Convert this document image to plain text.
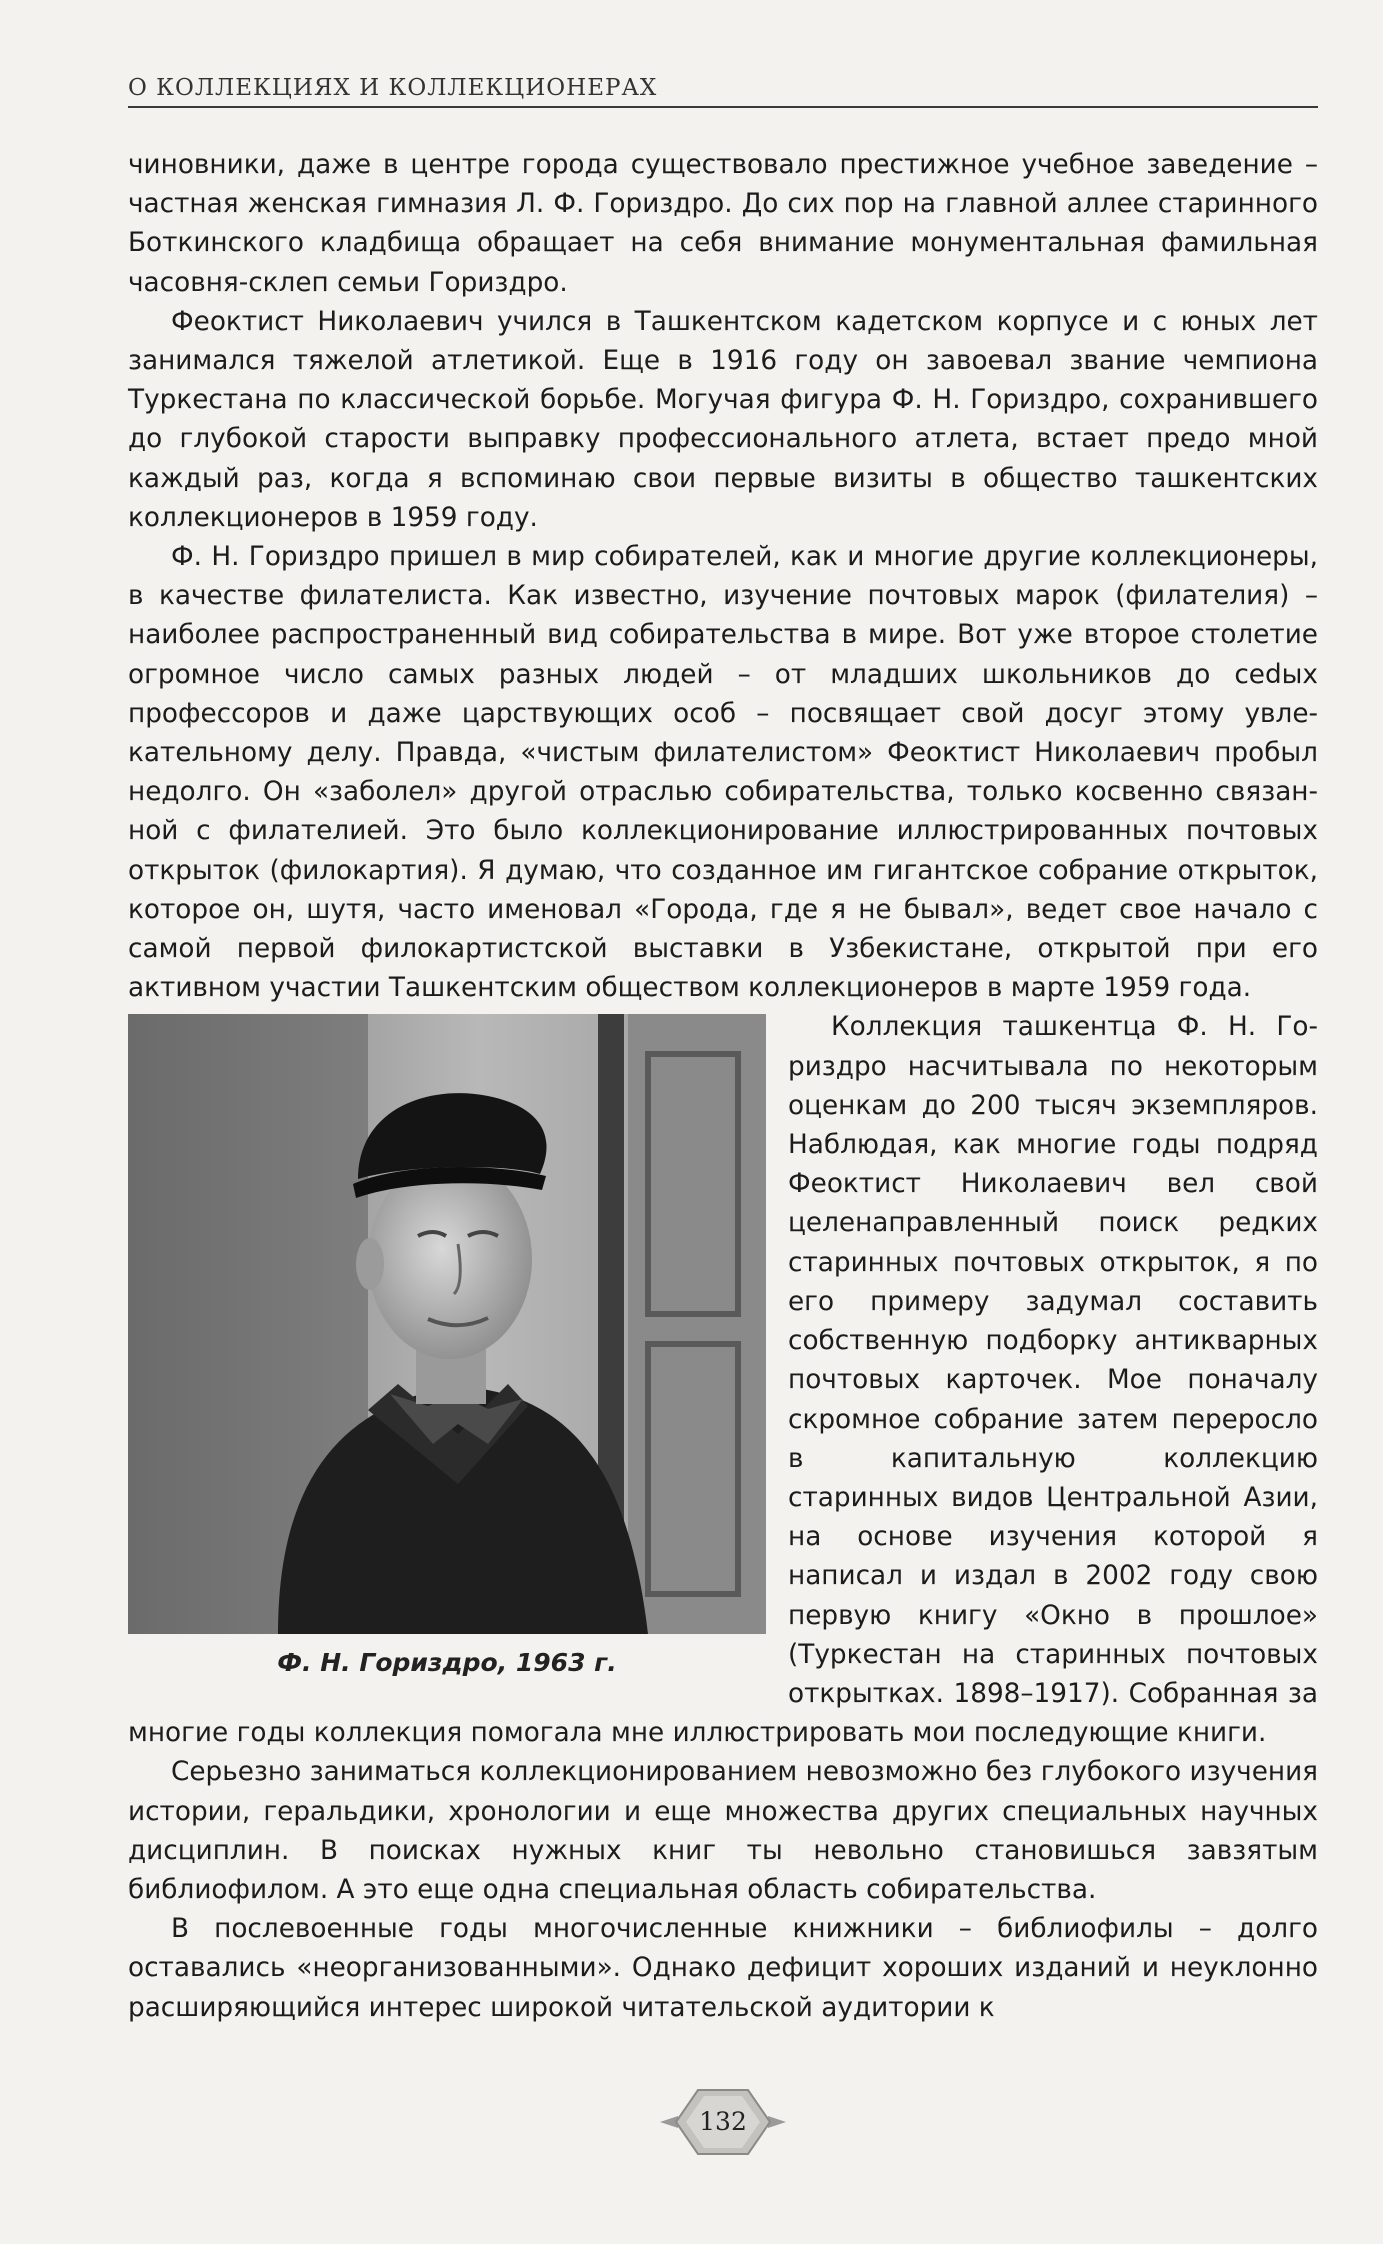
О КОЛЛЕКЦИЯХ И КОЛЛЕКЦИОНЕРАХ

чиновники, даже в центре города существовало престижное учебное заведение – частная женская гимназия Л. Ф. Гориздро. До сих пор на главной аллее старинного Боткинского кладбища обращает на себя внимание монументальная фамильная часовня-склеп семьи Гориздро.

Феоктист Николаевич учился в Ташкентском кадетском корпусе и с юных лет занимался тяжелой атлетикой. Еще в 1916 году он завоевал звание чемпиона Туркестана по классической борьбе. Могучая фигура Ф. Н. Гориздро, сохранившего до глубокой старости выправку профессионального атлета, встает предо мной каждый раз, когда я вспоминаю свои первые визиты в общество ташкентских коллекционеров в 1959 году.

Ф. Н. Гориздро пришел в мир собирателей, как и многие другие коллекционеры, в качестве филателиста. Как известно, изучение почтовых марок (филателия) – наиболее распространенный вид собирательства в мире. Вот уже второе столетие огромное число самых разных людей – от младших школьников до сеdых профессоров и даже царствующих особ – посвящает свой досуг этому увлекательному делу. Правда, «чистым филателистом» Феоктист Николаевич пробыл недолго. Он «заболел» другой отраслью собирательства, только косвенно связанной с филателией. Это было коллекционирование иллюстрированных почтовых открыток (филокартия). Я думаю, что созданное им гигантское собрание открыток, которое он, шутя, часто именовал «Города, где я не бывал», ведет свое начало с самой первой филокартистской выставки в Узбекистане, открытой при его активном участии Ташкентским обществом коллекционеров в марте 1959 года.

Ф. Н. Гориздро, 1963 г.

Коллекция ташкентца Ф. Н. Гориздро насчитывала по некоторым оценкам до 200 тысяч экземпляров. Наблюдая, как многие годы подряд Феоктист Николаевич вел свой целенаправленный поиск редких старинных почтовых открыток, я по его примеру задумал составить собственную подборку антикварных почтовых карточек. Мое поначалу скромное собрание затем переросло в капитальную коллекцию старинных видов Центральной Азии, на основе изучения которой я написал и издал в 2002 году свою первую книгу «Окно в прошлое» (Туркестан на старинных почтовых открытках. 1898–1917). Собранная за многие годы коллекция помогала мне иллюстрировать мои последующие книги.

Серьезно заниматься коллекционированием невозможно без глубокого изучения истории, геральдики, хронологии и еще множества других специальных научных дисциплин. В поисках нужных книг ты невольно становишься завзятым библиофилом. А это еще одна специальная область собирательства.

В послевоенные годы многочисленные книжники – библиофилы – долго оставались «неорганизованными». Однако дефицит хороших изданий и неуклонно расширяющийся интерес широкой читательской аудитории к

132
